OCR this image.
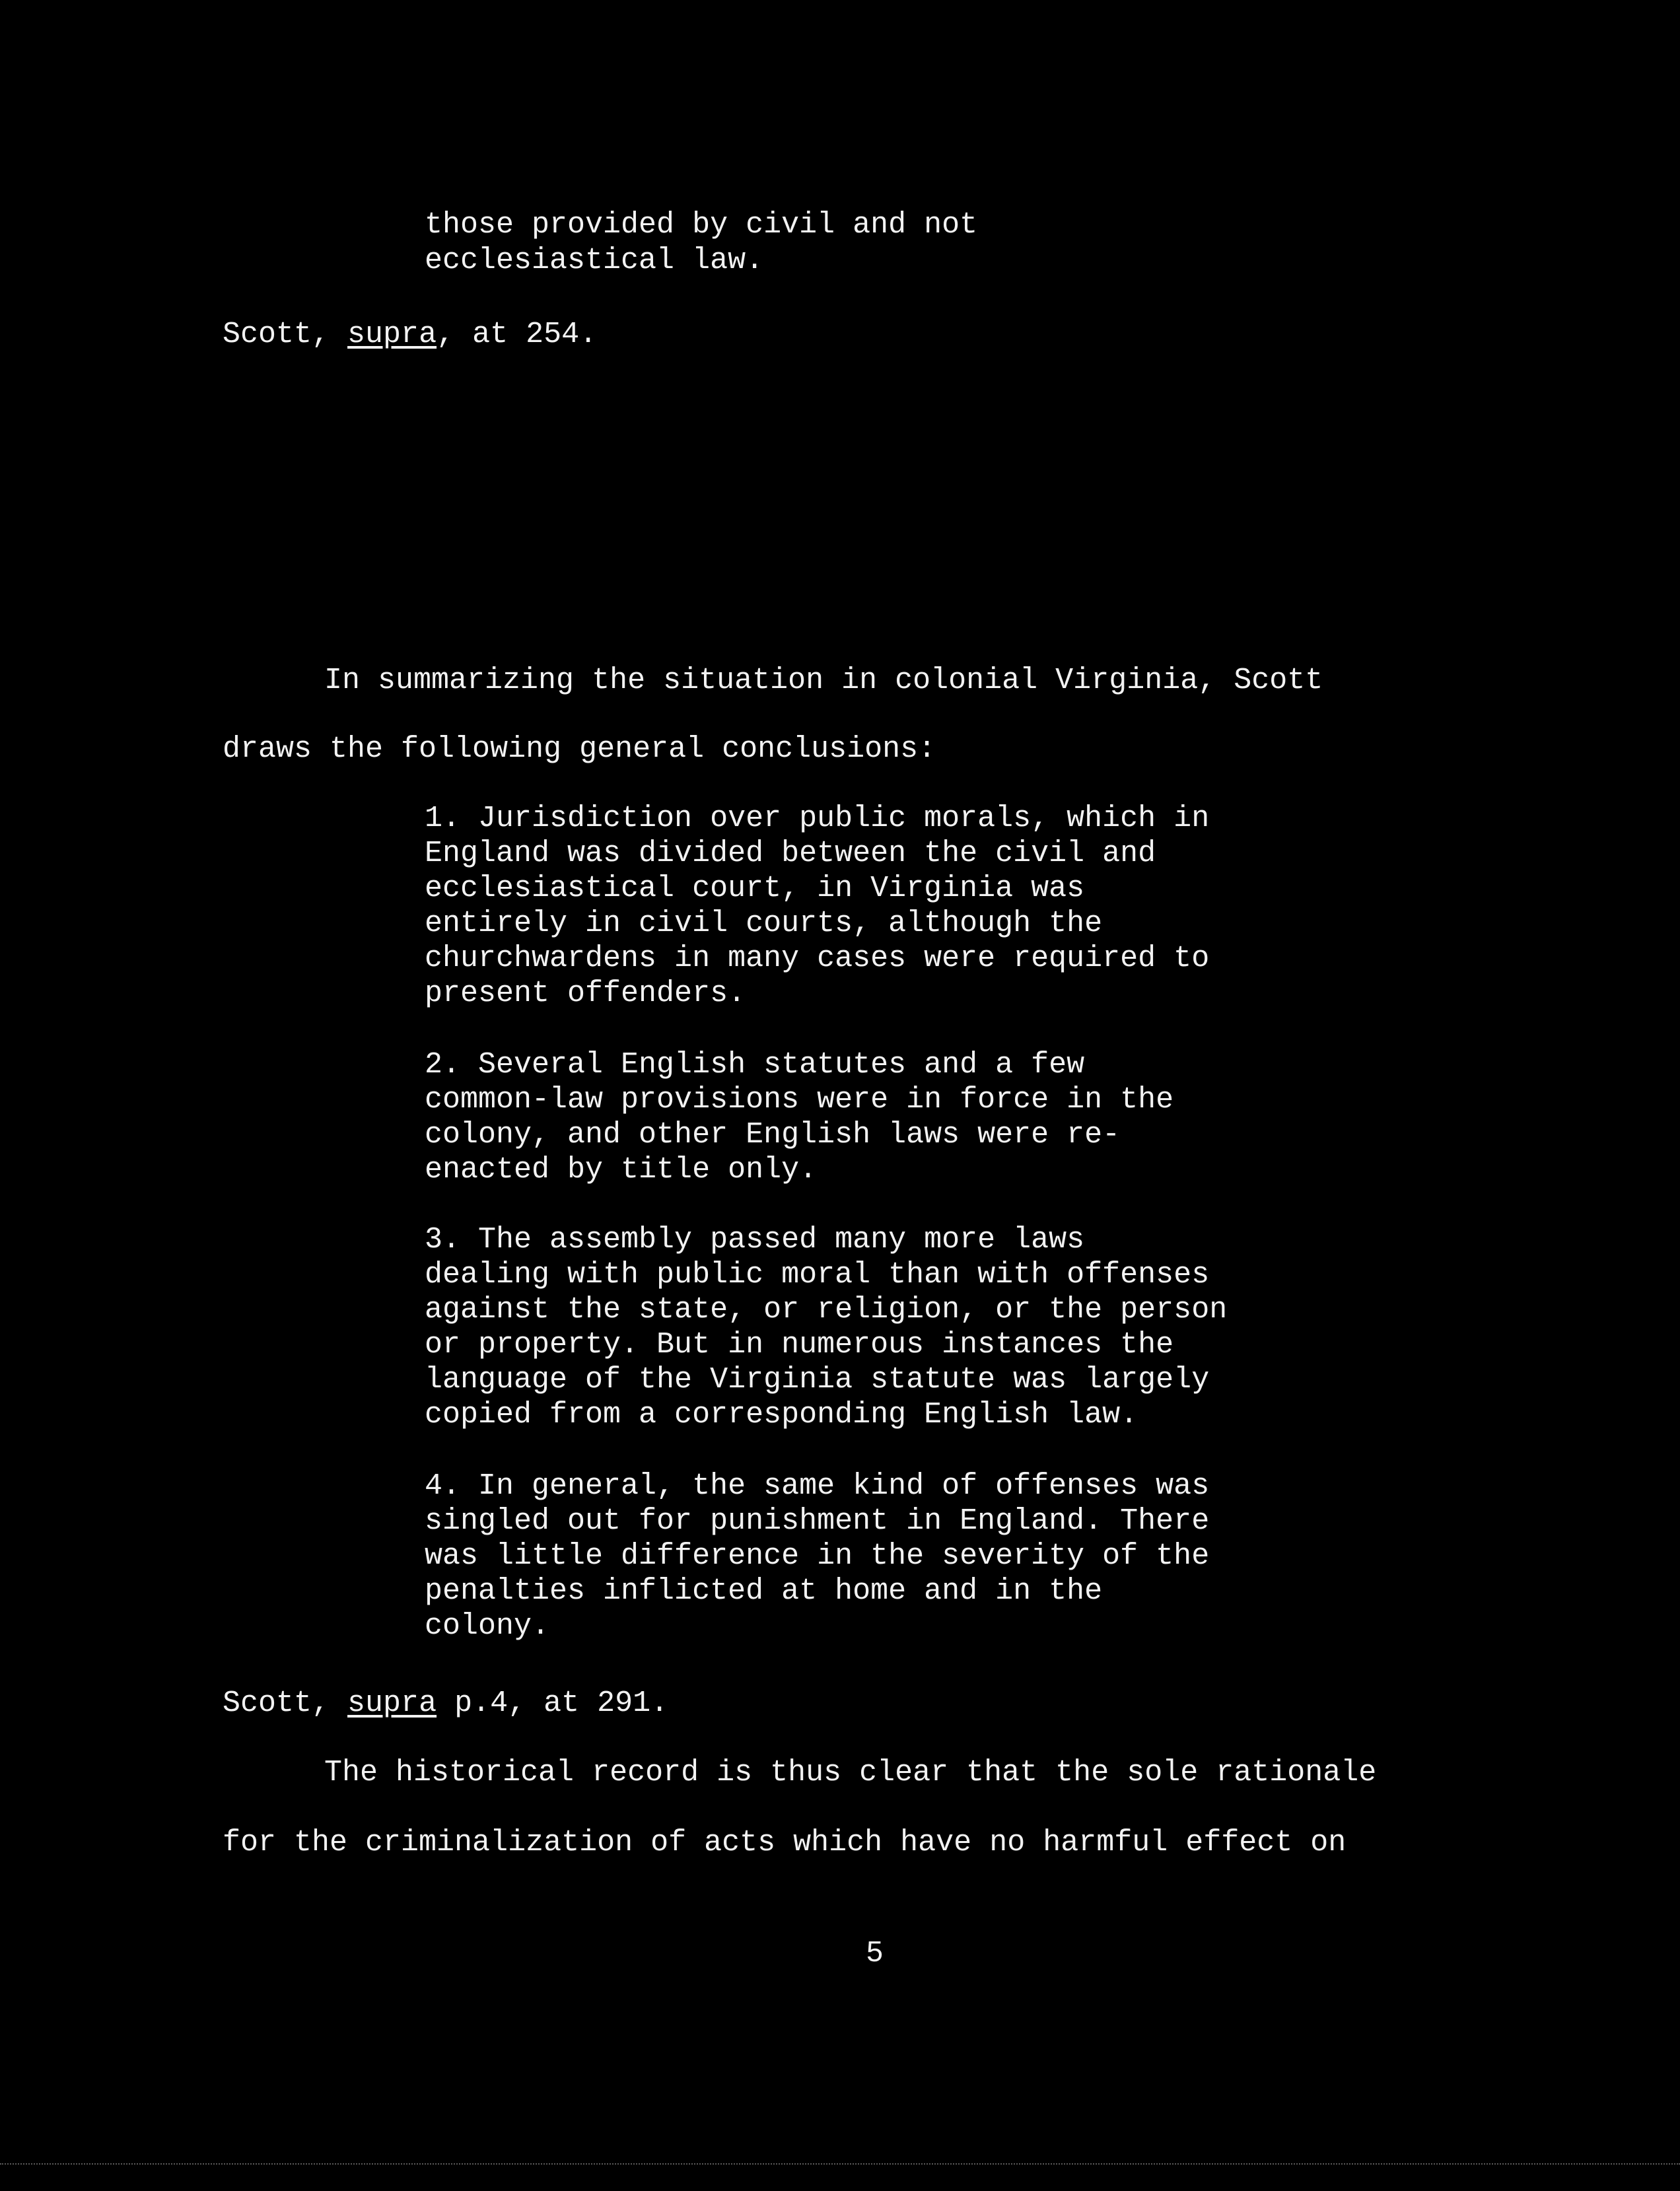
those provided by civil and not
ecclesiastical law.
Scott, supra, at 254.
In summarizing the situation in colonial Virginia, Scott
draws the following general conclusions:
1. Jurisdiction over public morals, which in
England was divided between the civil and
ecclesiastical court, in Virginia was
entirely in civil courts, although the
churchwardens in many cases were required to
present offenders.
2. Several English statutes and a few
common-law provisions were in force in the
colony, and other English laws were re-
enacted by title only.
3. The assembly passed many more laws
dealing with public moral than with offenses
against the state, or religion, or the person
or property. But in numerous instances the
language of the Virginia statute was largely
copied from a corresponding English law.
4. In general, the same kind of offenses was
singled out for punishment in England. There
was little difference in the severity of the
penalties inflicted at home and in the
colony.
Scott, supra p.4, at 291.
The historical record is thus clear that the sole rationale
for the criminalization of acts which have no harmful effect on
5
